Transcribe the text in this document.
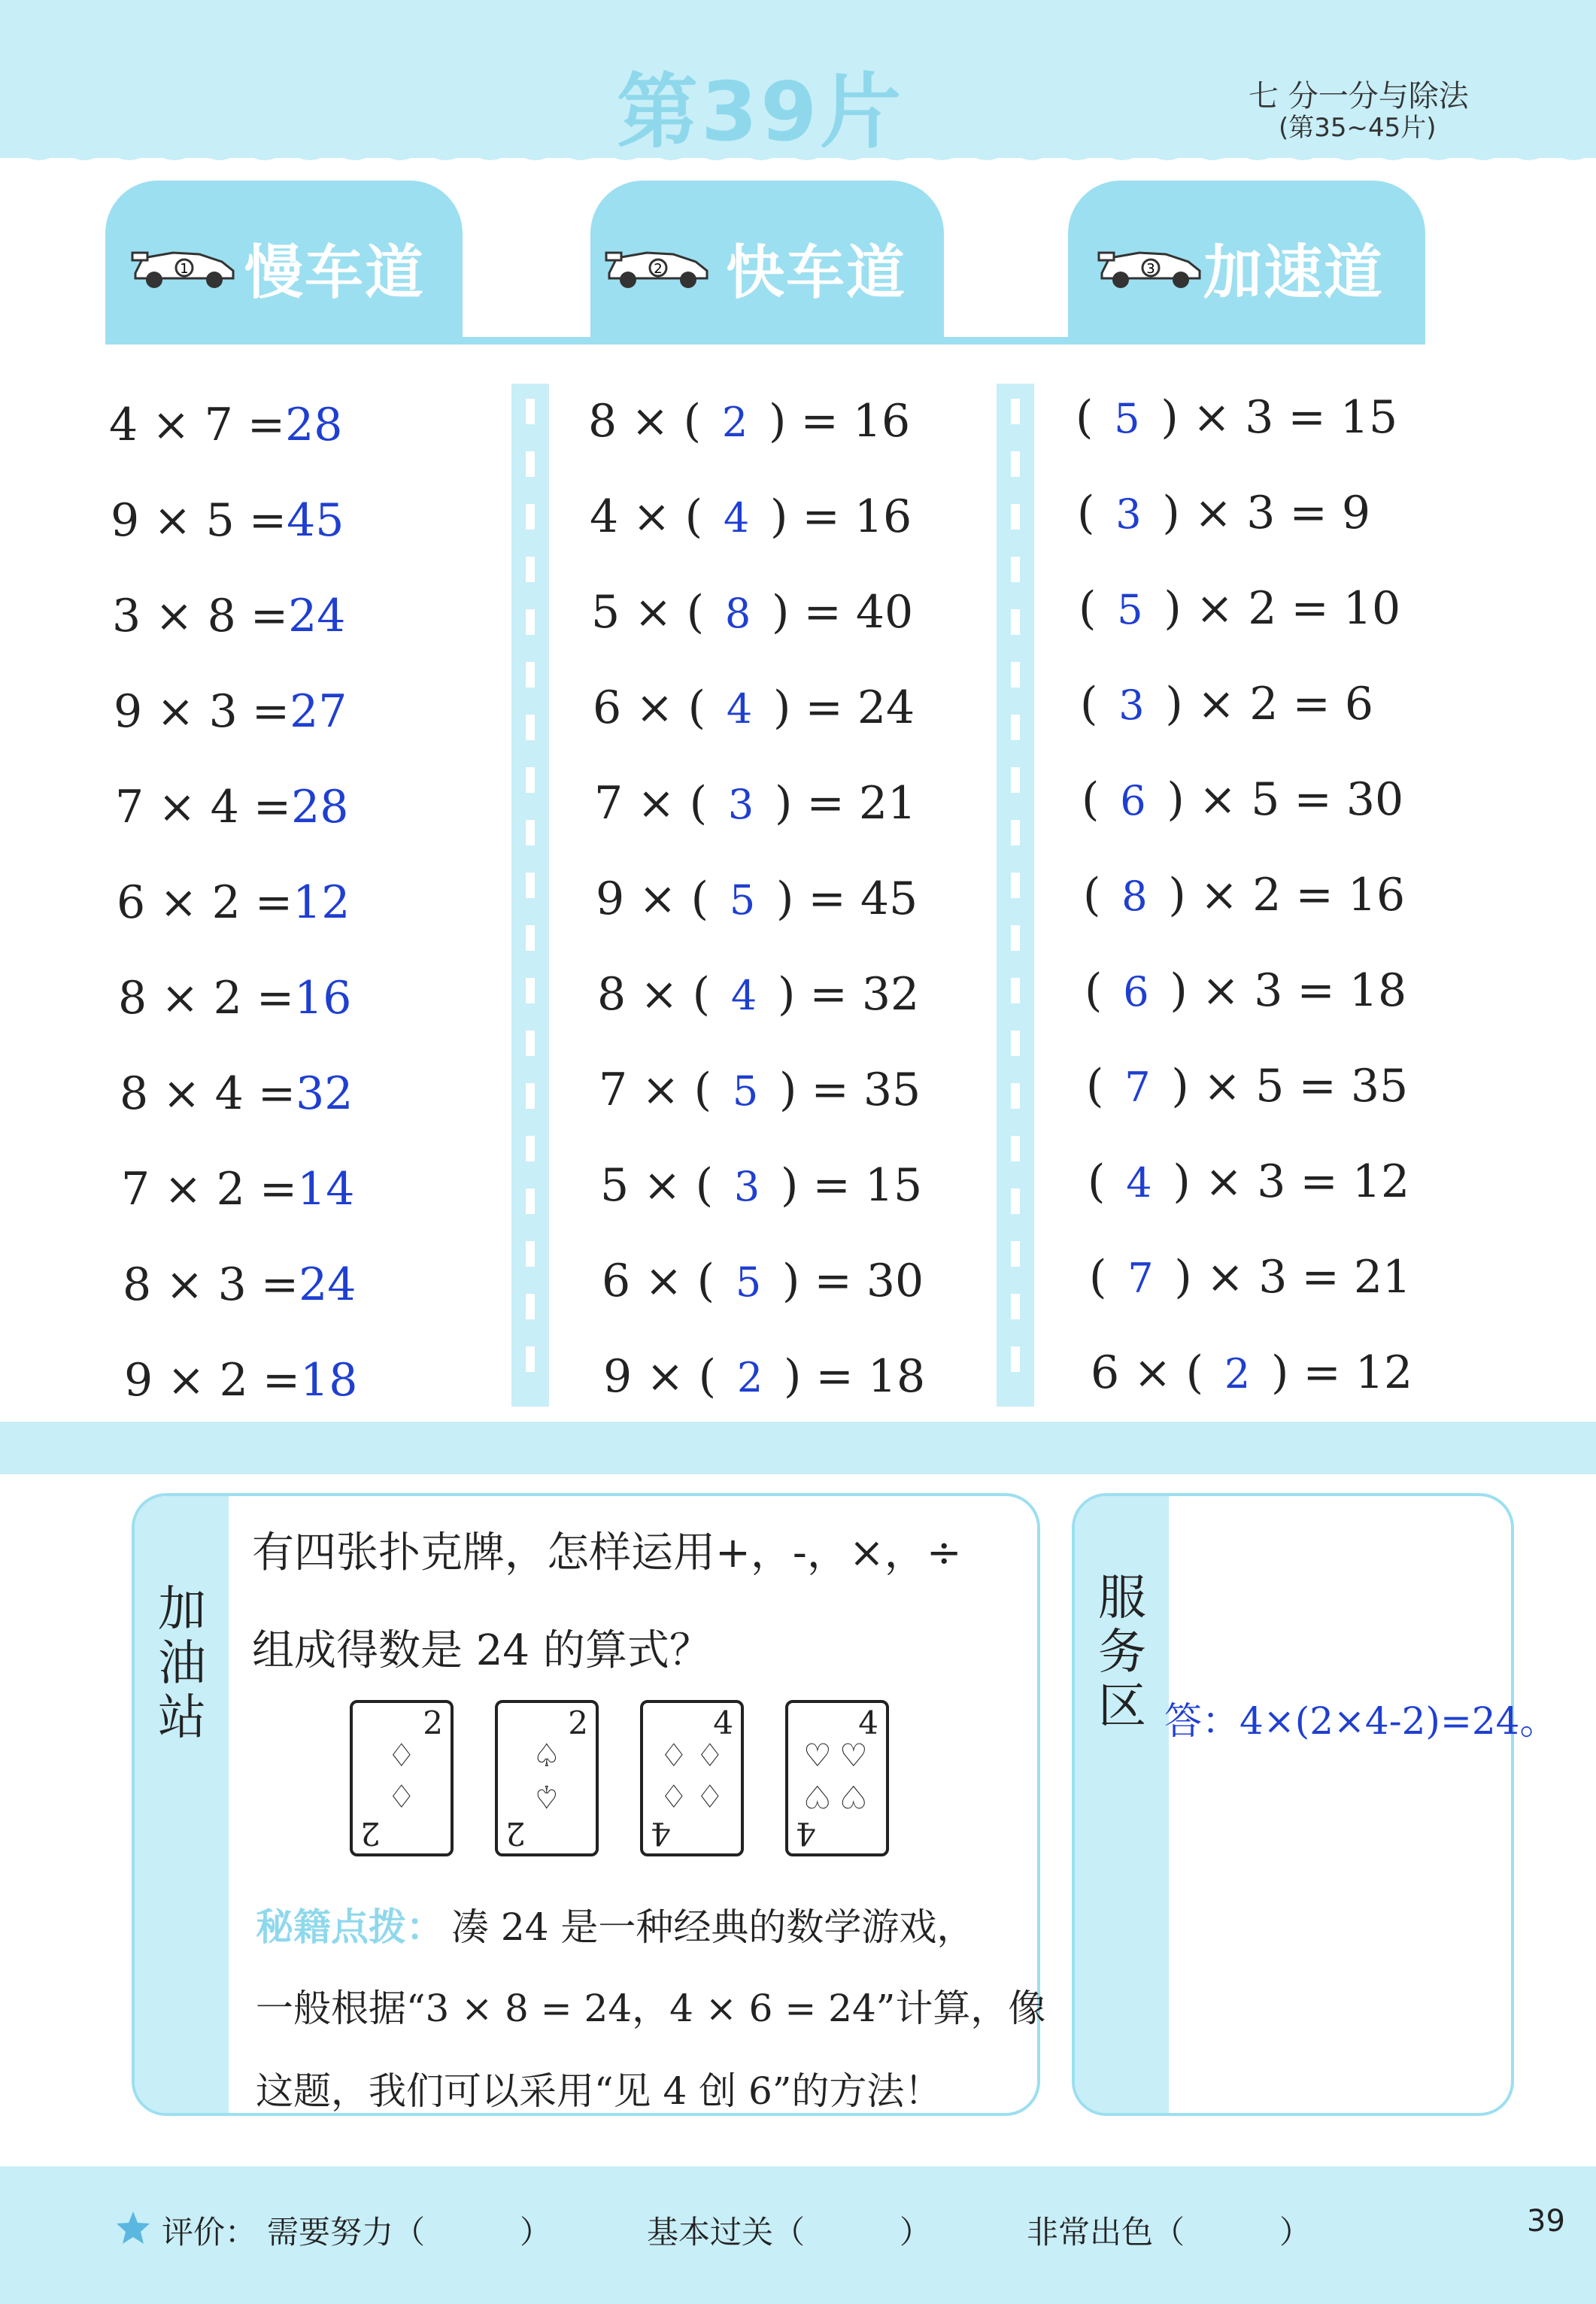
第39片	七 分一分与除法
(第35~45片)
1 慢车道	2 快车道	3 加速道
4 × 7 =28
9 × 5 =45
3 × 8 =24
9 × 3 =27
7 × 4 =28
6 × 2 =12
8 × 2 =16
8 × 4 =32
7 × 2 =14
8 × 3 =24
9 × 2 =18
8 × ( 2 ) = 16
4 × ( 4 ) = 16
5 × ( 8 ) = 40
6 × ( 4 ) = 24
7 × ( 3 ) = 21
9 × ( 5 ) = 45
8 × ( 4 ) = 32
7 × ( 5 ) = 35
5 × ( 3 ) = 15
6 × ( 5 ) = 30
9 × ( 2 ) = 18
( 5 ) × 3 = 15
( 3 ) × 3 = 9
( 5 ) × 2 = 10
( 3 ) × 2 = 6
( 6 ) × 5 = 30
( 8 ) × 2 = 16
( 6 ) × 3 = 18
( 7 ) × 5 = 35
( 4 ) × 3 = 12
( 7 ) × 3 = 21
6 × ( 2 ) = 12
加油站
有四张扑克牌，怎样运用+，-，×，÷
组成得数是 24 的算式？
2
♢
♢
2
2
♤
♤
2
4
♢ ♢
♢ ♢
4
4
♡ ♡
♡ ♡
4
秘籍点拨： 凑 24 是一种经典的数学游戏，
一般根据“3 × 8 = 24，4 × 6 = 24”计算，像
这题，我们可以采用“见 4 创 6”的方法！
服务区 答：4×(2×4-2)=24。
评价： 需要努力（　　　）	基本过关（　　　）	非常出色（　　　）	39
